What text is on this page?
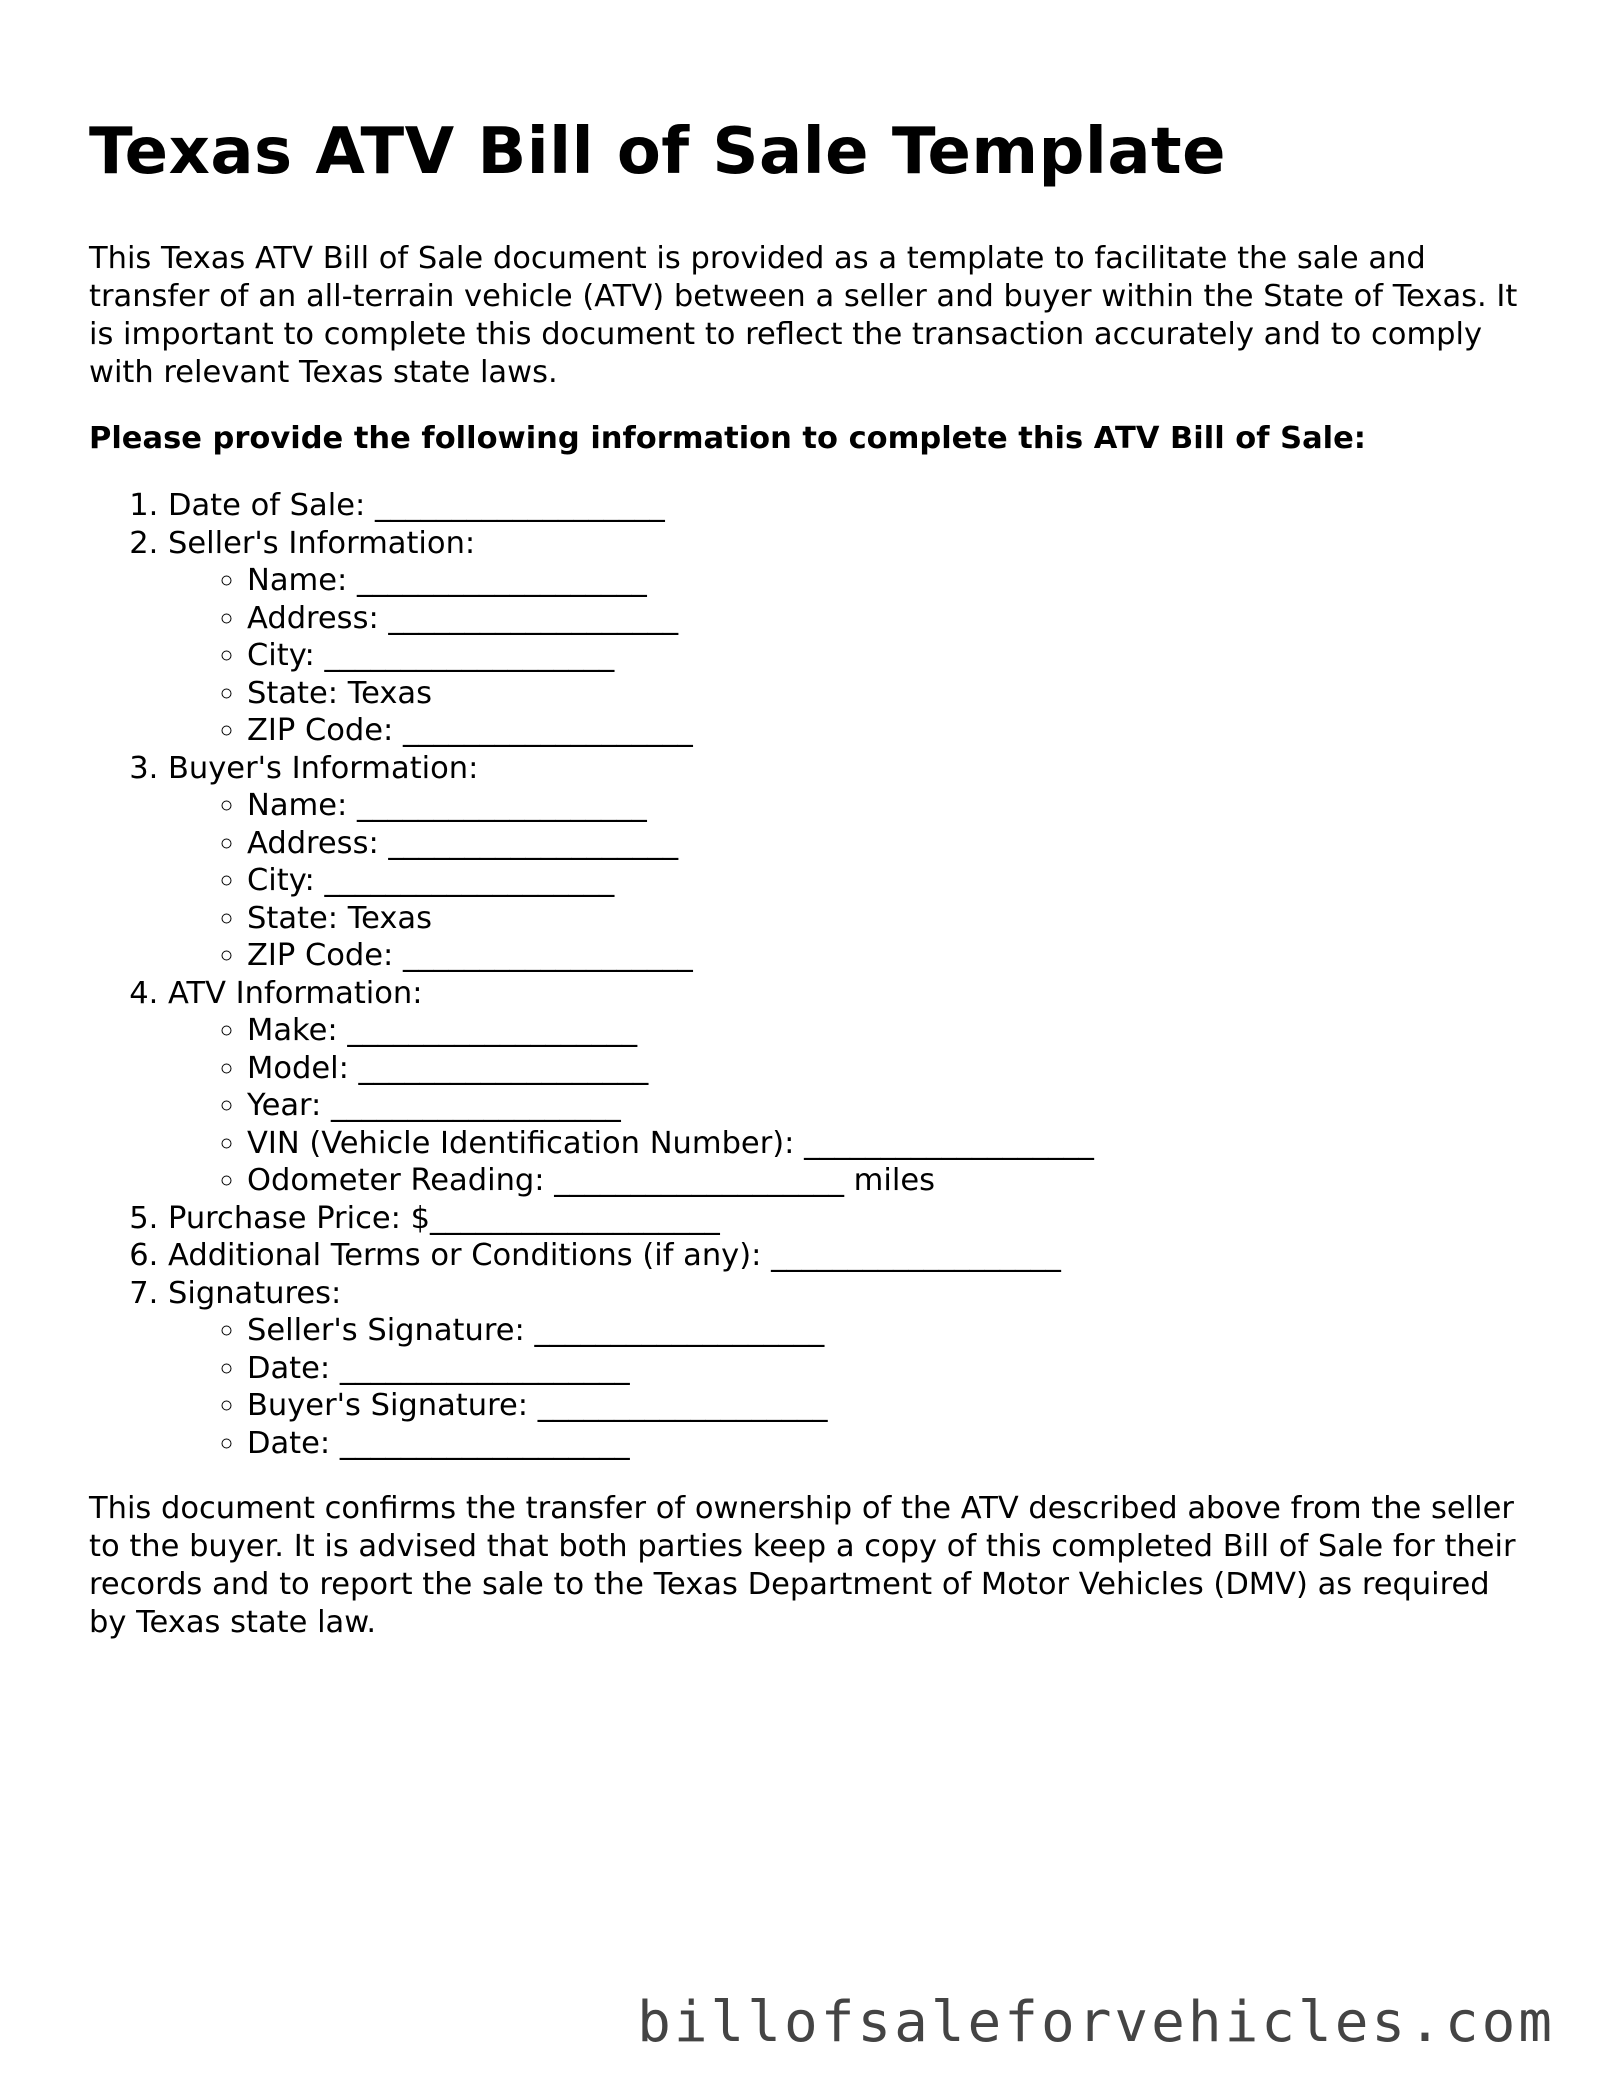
Texas ATV Bill of Sale Template

This Texas ATV Bill of Sale document is provided as a template to facilitate the sale and transfer of an all-terrain vehicle (ATV) between a seller and buyer within the State of Texas. It is important to complete this document to reflect the transaction accurately and to comply with relevant Texas state laws.

Please provide the following information to complete this ATV Bill of Sale:

1. Date of Sale: ___________________
2. Seller's Information:
◦ Name: ___________________
◦ Address: ___________________
◦ City: ___________________
◦ State: Texas
◦ ZIP Code: ___________________
3. Buyer's Information:
◦ Name: ___________________
◦ Address: ___________________
◦ City: ___________________
◦ State: Texas
◦ ZIP Code: ___________________
4. ATV Information:
◦ Make: ___________________
◦ Model: ___________________
◦ Year: ___________________
◦ VIN (Vehicle Identification Number): ___________________
◦ Odometer Reading: ___________________ miles
5. Purchase Price: $___________________
6. Additional Terms or Conditions (if any): ___________________
7. Signatures:
◦ Seller's Signature: ___________________
◦ Date: ___________________
◦ Buyer's Signature: ___________________
◦ Date: ___________________

This document confirms the transfer of ownership of the ATV described above from the seller to the buyer. It is advised that both parties keep a copy of this completed Bill of Sale for their records and to report the sale to the Texas Department of Motor Vehicles (DMV) as required by Texas state law.

billofsaleforvehicles.com
